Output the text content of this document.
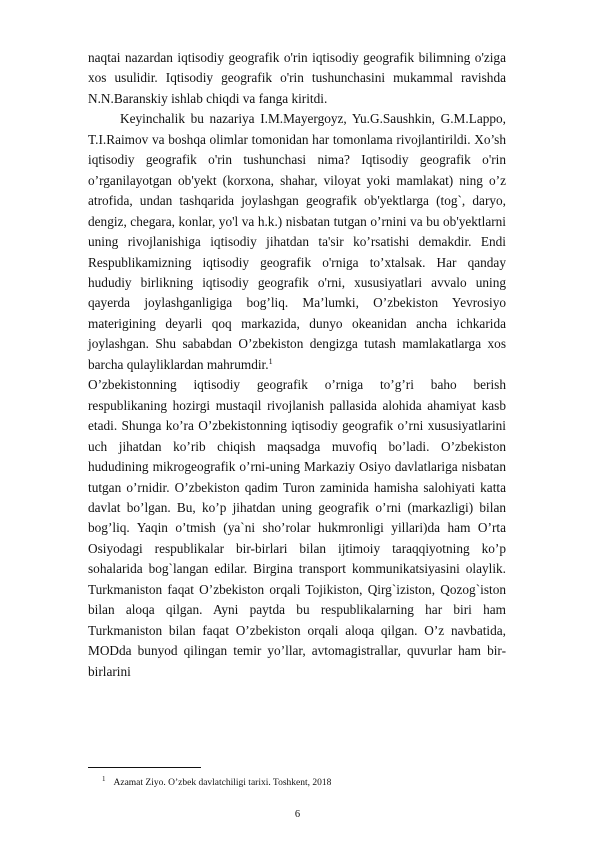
naqtai nazardan iqtisodiy geografik o'rin iqtisodiy geografik bilimning o'ziga xos usulidir. Iqtisodiy geografik o'rin tushunchasini mukammal ravishda N.N.Baranskiy ishlab chiqdi va fanga kiritdi.

Keyinchalik bu nazariya I.M.Mayergoyz, Yu.G.Saushkin, G.M.Lappo, T.I.Raimov va boshqa olimlar tomonidan har tomonlama rivojlantirildi. Xo’sh iqtisodiy geografik o'rin tushunchasi nima? Iqtisodiy geografik o'rin o’rganilayotgan ob'yekt (korxona, shahar, viloyat yoki mamlakat) ning o’z atrofida, undan tashqarida joylashgan geografik ob'yektlarga (tog`, daryo, dengiz, chegara, konlar, yo'l va h.k.) nisbatan tutgan o’rnini va bu ob'yektlarni uning rivojlanishiga iqtisodiy jihatdan ta'sir ko’rsatishi demakdir. Endi Respublikamizning iqtisodiy geografik o'rniga to’xtalsak. Har qanday hududiy birlikning iqtisodiy geografik o'rni, xususiyatlari avvalo uning qayerda joylashganligiga bog’liq. Ma’lumki, O’zbekiston Yevrosiyo materigining deyarli qoq markazida, dunyo okeanidan ancha ichkarida joylashgan. Shu sababdan O’zbekiston dengizga tutash mamlakatlarga xos barcha qulayliklardan mahrumdir.$^1$

O’zbekistonning iqtisodiy geografik o’rniga to’g’ri baho berish respublikaning hozirgi mustaqil rivojlanish pallasida alohida ahamiyat kasb etadi. Shunga ko’ra O’zbekistonning iqtisodiy geografik o’rni xususiyatlarini uch jihatdan ko’rib chiqish maqsadga muvofiq bo’ladi. O’zbekiston hududining mikrogeografik o’rni-uning Markaziy Osiyo davlatlariga nisbatan tutgan o’rnidir. O’zbekiston qadim Turon zaminida hamisha salohiyati katta davlat bo’lgan. Bu, ko’p jihatdan uning geografik o’rni (markazligi) bilan bog’liq. Yaqin o’tmish (ya`ni sho’rolar hukmronligi yillari)da ham O’rta Osiyodagi respublikalar bir-birlari bilan ijtimoiy taraqqiyotning ko’p sohalarida bog`langan edilar. Birgina transport kommunikatsiyasini olaylik. Turkmaniston faqat O’zbekiston orqali Tojikiston, Qirg`iziston, Qozog`iston bilan aloqa qilgan. Ayni paytda bu respublikalarning har biri ham Turkmaniston bilan faqat O’zbekiston orqali aloqa qilgan. O’z navbatida, MODda bunyod qilingan temir yo’llar, avtomagistrallar, quvurlar ham bir-birlarini

$^1$ Azamat Ziyo. O’zbek davlatchiligi tarixi. Toshkent, 2018
6
